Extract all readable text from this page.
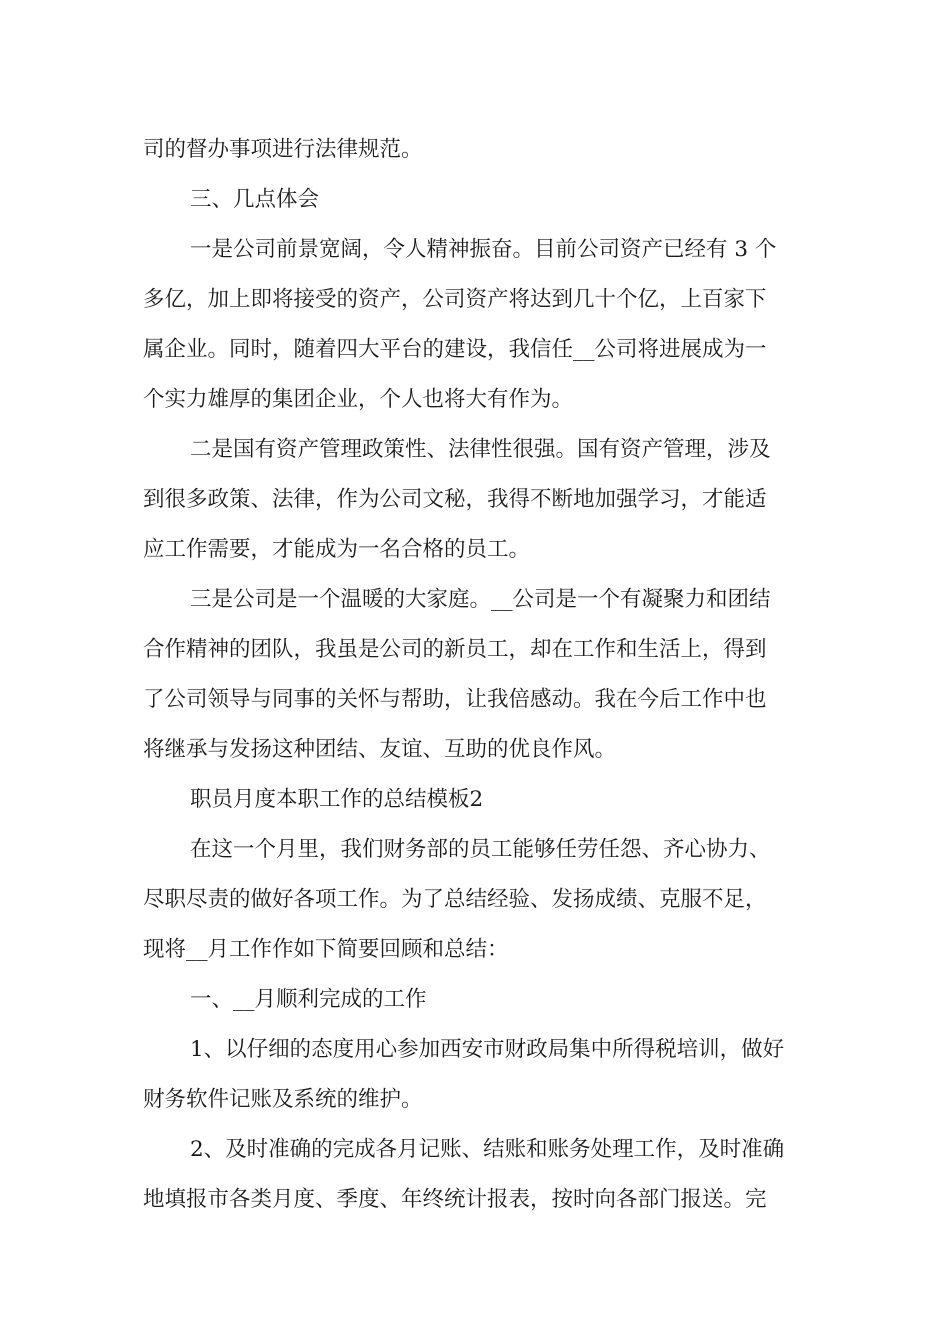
司的督办事项进行法律规范。

三、几点体会

一是公司前景宽阔，令人精神振奋。目前公司资产已经有 3 个

多亿，加上即将接受的资产，公司资产将达到几十个亿，上百家下

属企业。同时，随着四大平台的建设，我信任__公司将进展成为一

个实力雄厚的集团企业，个人也将大有作为。

二是国有资产管理政策性、法律性很强。国有资产管理，涉及

到很多政策、法律，作为公司文秘，我得不断地加强学习，才能适

应工作需要，才能成为一名合格的员工。

三是公司是一个温暖的大家庭。__公司是一个有凝聚力和团结

合作精神的团队，我虽是公司的新员工，却在工作和生活上，得到

了公司领导与同事的关怀与帮助，让我倍感动。我在今后工作中也

将继承与发扬这种团结、友谊、互助的优良作风。

职员月度本职工作的总结模板2

在这一个月里，我们财务部的员工能够任劳任怨、齐心协力、

尽职尽责的做好各项工作。为了总结经验、发扬成绩、克服不足，

现将__月工作作如下简要回顾和总结：

一、__月顺利完成的工作

1、以仔细的态度用心参加西安市财政局集中所得税培训，做好

财务软件记账及系统的维护。

2、及时准确的完成各月记账、结账和账务处理工作，及时准确

地填报市各类月度、季度、年终统计报表，按时向各部门报送。完
